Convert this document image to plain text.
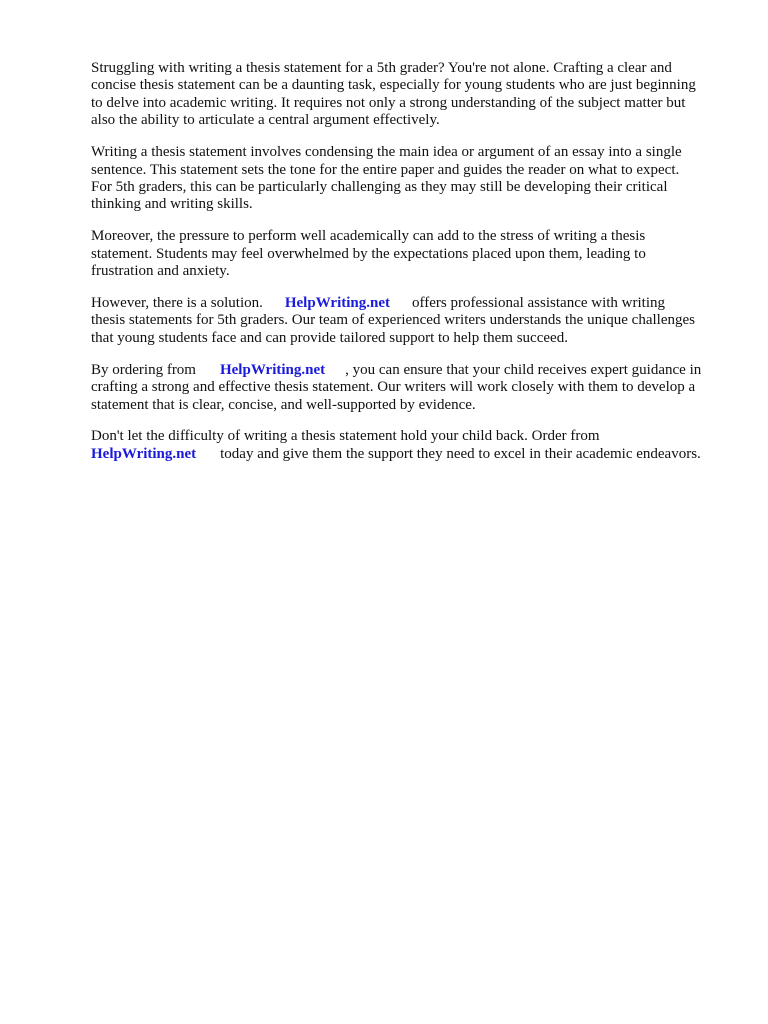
Struggling with writing a thesis statement for a 5th grader? You're not alone. Crafting a clear and
concise thesis statement can be a daunting task, especially for young students who are just beginning
to delve into academic writing. It requires not only a strong understanding of the subject matter but
also the ability to articulate a central argument effectively.

Writing a thesis statement involves condensing the main idea or argument of an essay into a single
sentence. This statement sets the tone for the entire paper and guides the reader on what to expect.
For 5th graders, this can be particularly challenging as they may still be developing their critical
thinking and writing skills.

Moreover, the pressure to perform well academically can add to the stress of writing a thesis
statement. Students may feel overwhelmed by the expectations placed upon them, leading to
frustration and anxiety.

However, there is a solution. HelpWriting.net offers professional assistance with writing
thesis statements for 5th graders. Our team of experienced writers understands the unique challenges
that young students face and can provide tailored support to help them succeed.

By ordering from HelpWriting.net , you can ensure that your child receives expert guidance in
crafting a strong and effective thesis statement. Our writers will work closely with them to develop a
statement that is clear, concise, and well-supported by evidence.

Don't let the difficulty of writing a thesis statement hold your child back. Order from
HelpWriting.net today and give them the support they need to excel in their academic endeavors.
